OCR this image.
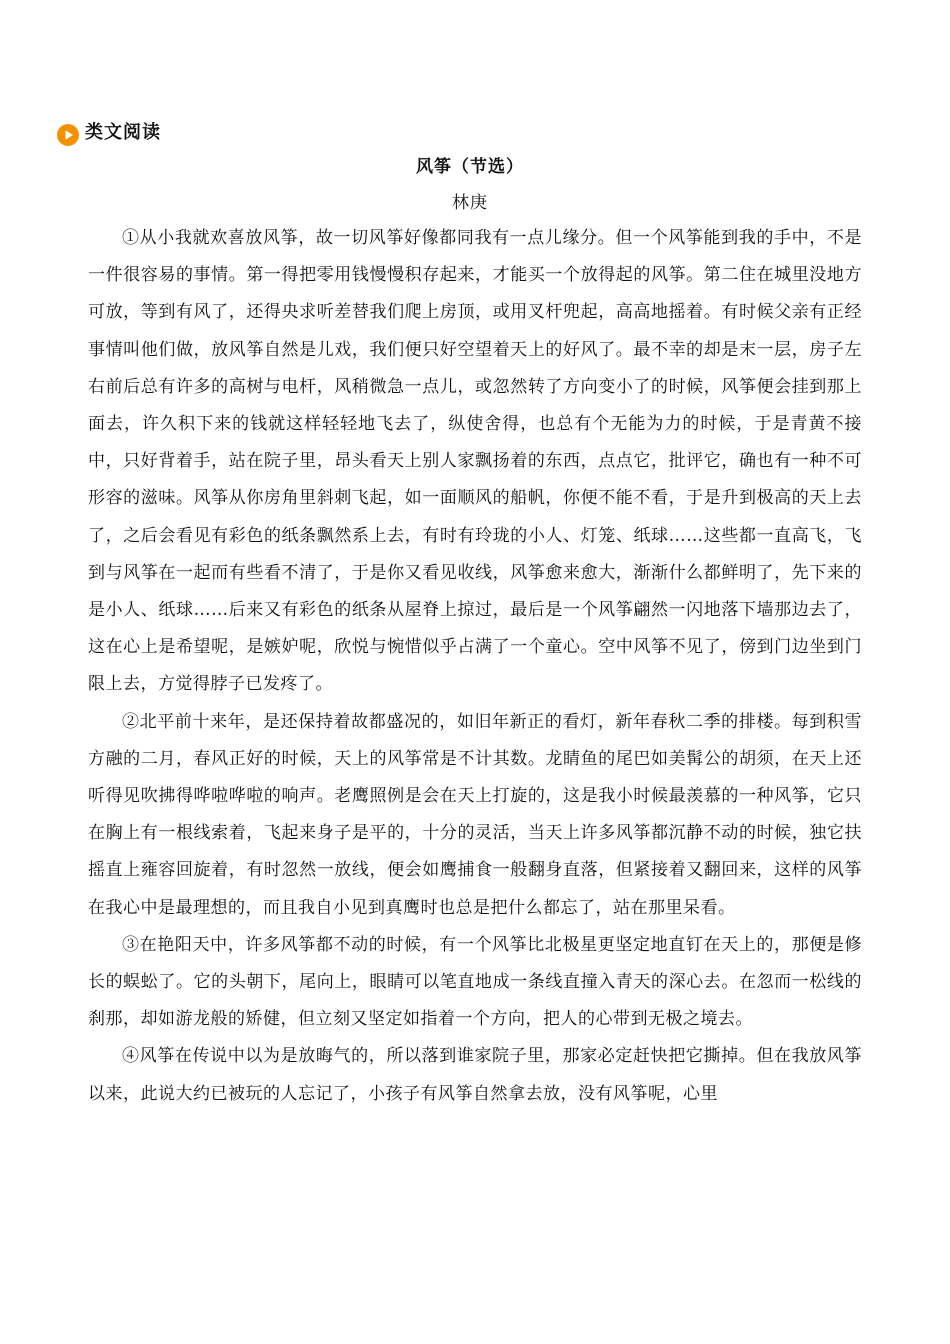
类文阅读
风筝（节选）
林庚

①从小我就欢喜放风筝，故一切风筝好像都同我有一点儿缘分。但一个风筝能到我的手中，不是一件很容易的事情。第一得把零用钱慢慢积存起来，才能买一个放得起的风筝。第二住在城里没地方可放，等到有风了，还得央求听差替我们爬上房顶，或用叉杆兜起，高高地摇着。有时候父亲有正经事情叫他们做，放风筝自然是儿戏，我们便只好空望着天上的好风了。最不幸的却是末一层，房子左右前后总有许多的高树与电杆，风稍微急一点儿，或忽然转了方向变小了的时候，风筝便会挂到那上面去，许久积下来的钱就这样轻轻地飞去了，纵使舍得，也总有个无能为力的时候，于是青黄不接中，只好背着手，站在院子里，昂头看天上别人家飘扬着的东西，点点它，批评它，确也有一种不可形容的滋味。风筝从你房角里斜刺飞起，如一面顺风的船帆，你便不能不看，于是升到极高的天上去了，之后会看见有彩色的纸条飘然系上去，有时有玲珑的小人、灯笼、纸球……这些都一直高飞，飞到与风筝在一起而有些看不清了，于是你又看见收线，风筝愈来愈大，渐渐什么都鲜明了，先下来的是小人、纸球……后来又有彩色的纸条从屋脊上掠过，最后是一个风筝翩然一闪地落下墙那边去了，这在心上是希望呢，是嫉妒呢，欣悦与惋惜似乎占满了一个童心。空中风筝不见了，傍到门边坐到门限上去，方觉得脖子已发疼了。

②北平前十来年，是还保持着故都盛况的，如旧年新正的看灯，新年春秋二季的排楼。每到积雪方融的二月，春风正好的时候，天上的风筝常是不计其数。龙睛鱼的尾巴如美髯公的胡须，在天上还听得见吹拂得哗啦哗啦的响声。老鹰照例是会在天上打旋的，这是我小时候最羡慕的一种风筝，它只在胸上有一根线索着，飞起来身子是平的，十分的灵活，当天上许多风筝都沉静不动的时候，独它扶摇直上雍容回旋着，有时忽然一放线，便会如鹰捕食一般翻身直落，但紧接着又翻回来，这样的风筝在我心中是最理想的，而且我自小见到真鹰时也总是把什么都忘了，站在那里呆看。

③在艳阳天中，许多风筝都不动的时候，有一个风筝比北极星更坚定地直钉在天上的，那便是修长的蜈蚣了。它的头朝下，尾向上，眼睛可以笔直地成一条线直撞入青天的深心去。在忽而一松线的刹那，却如游龙般的矫健，但立刻又坚定如指着一个方向，把人的心带到无极之境去。

④风筝在传说中以为是放晦气的，所以落到谁家院子里，那家必定赶快把它撕掉。但在我放风筝以来，此说大约已被玩的人忘记了，小孩子有风筝自然拿去放，没有风筝呢，心里
